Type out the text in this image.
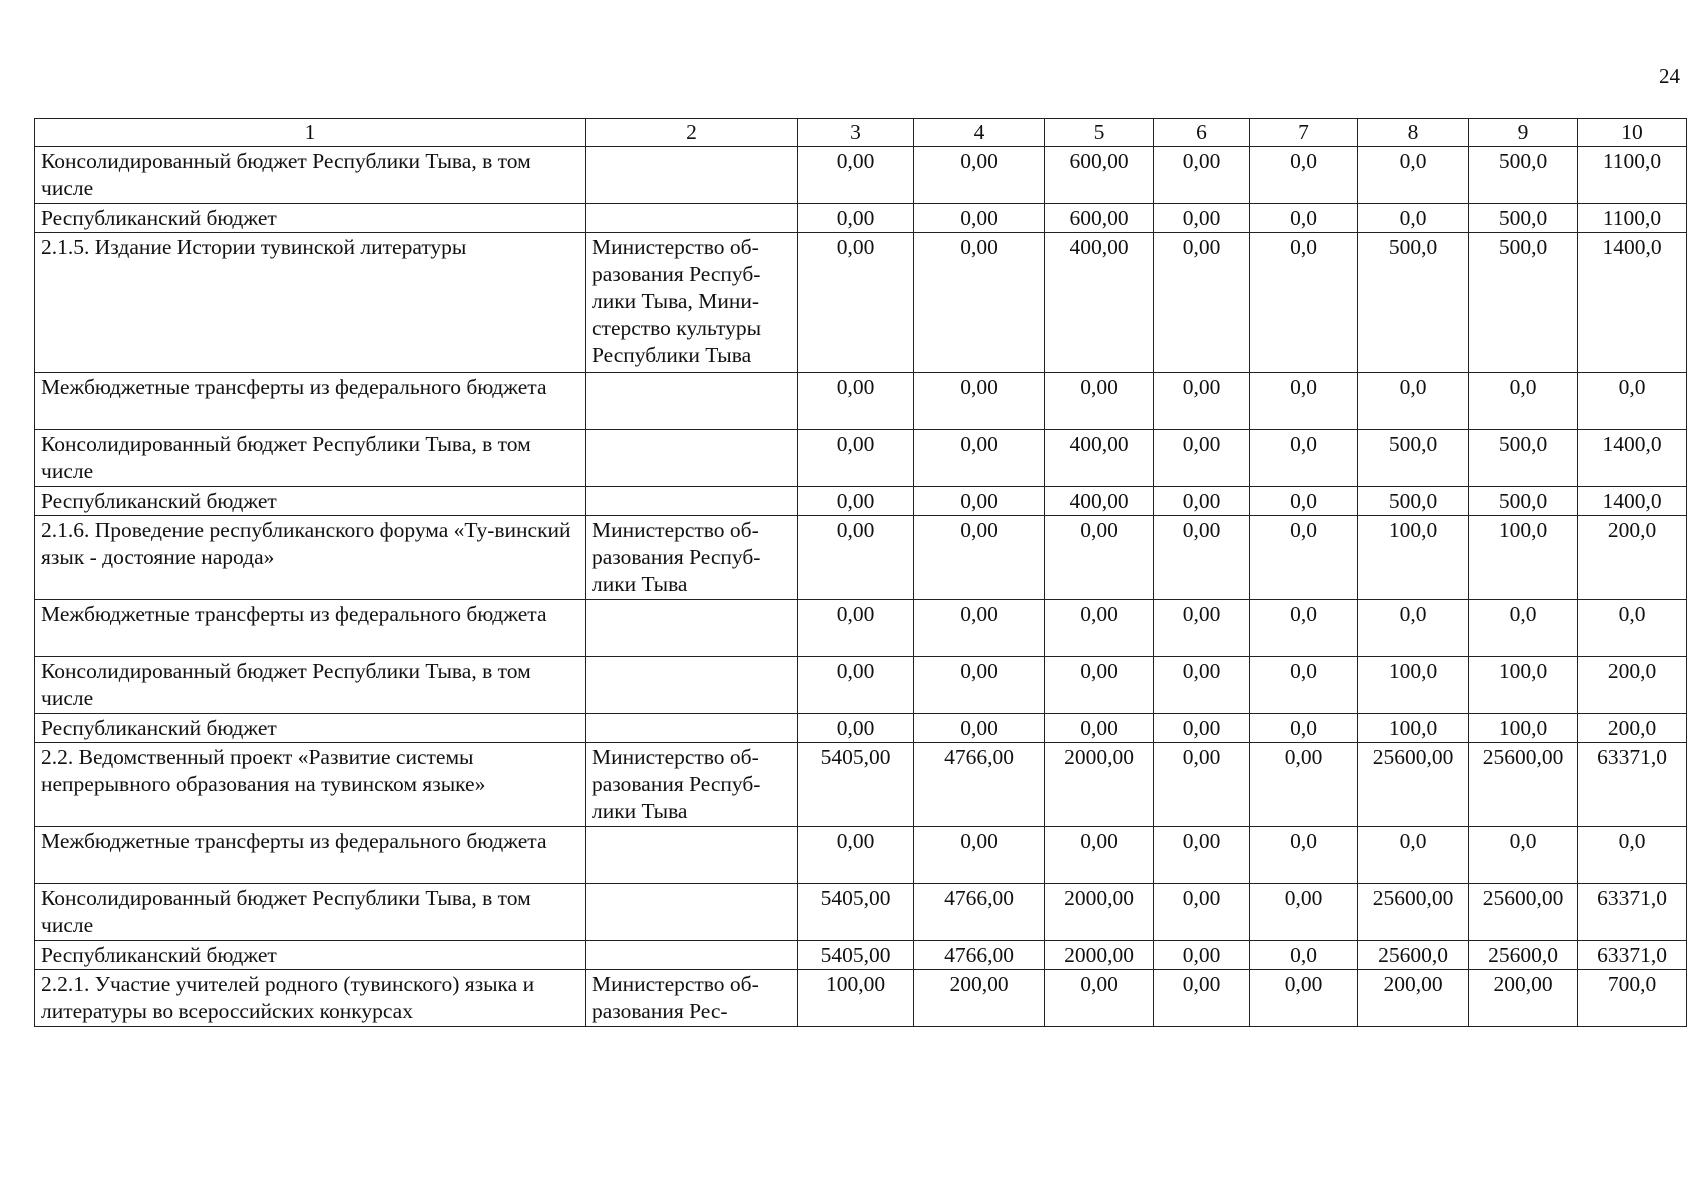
24
1	2	3	4	5	6	7	8	9	10
Консолидированный бюджет Республики Тыва, в том числе		0,00	0,00	600,00	0,00	0,0	0,0	500,0	1100,0
Республиканский бюджет		0,00	0,00	600,00	0,00	0,0	0,0	500,0	1100,0
2.1.5. Издание Истории тувинской литературы	Министерство об-разования Респуб-лики Тыва, Мини-стерство культуры Республики Тыва	0,00	0,00	400,00	0,00	0,0	500,0	500,0	1400,0
Межбюджетные трансферты из федерального бюджета		0,00	0,00	0,00	0,00	0,0	0,0	0,0	0,0
Консолидированный бюджет Республики Тыва, в том числе		0,00	0,00	400,00	0,00	0,0	500,0	500,0	1400,0
Республиканский бюджет		0,00	0,00	400,00	0,00	0,0	500,0	500,0	1400,0
2.1.6. Проведение республиканского форума «Ту-винский язык - достояние народа»	Министерство об-разования Респуб-лики Тыва	0,00	0,00	0,00	0,00	0,0	100,0	100,0	200,0
Межбюджетные трансферты из федерального бюджета		0,00	0,00	0,00	0,00	0,0	0,0	0,0	0,0
Консолидированный бюджет Республики Тыва, в том числе		0,00	0,00	0,00	0,00	0,0	100,0	100,0	200,0
Республиканский бюджет		0,00	0,00	0,00	0,00	0,0	100,0	100,0	200,0
2.2. Ведомственный проект «Развитие системы непрерывного образования на тувинском языке»	Министерство об-разования Респуб-лики Тыва	5405,00	4766,00	2000,00	0,00	0,00	25600,00	25600,00	63371,0
Межбюджетные трансферты из федерального бюджета		0,00	0,00	0,00	0,00	0,0	0,0	0,0	0,0
Консолидированный бюджет Республики Тыва, в том числе		5405,00	4766,00	2000,00	0,00	0,00	25600,00	25600,00	63371,0
Республиканский бюджет		5405,00	4766,00	2000,00	0,00	0,0	25600,0	25600,0	63371,0
2.2.1. Участие учителей родного (тувинского) языка и литературы во всероссийских конкурсах	Министерство об-разования Рес-	100,00	200,00	0,00	0,00	0,00	200,00	200,00	700,0
